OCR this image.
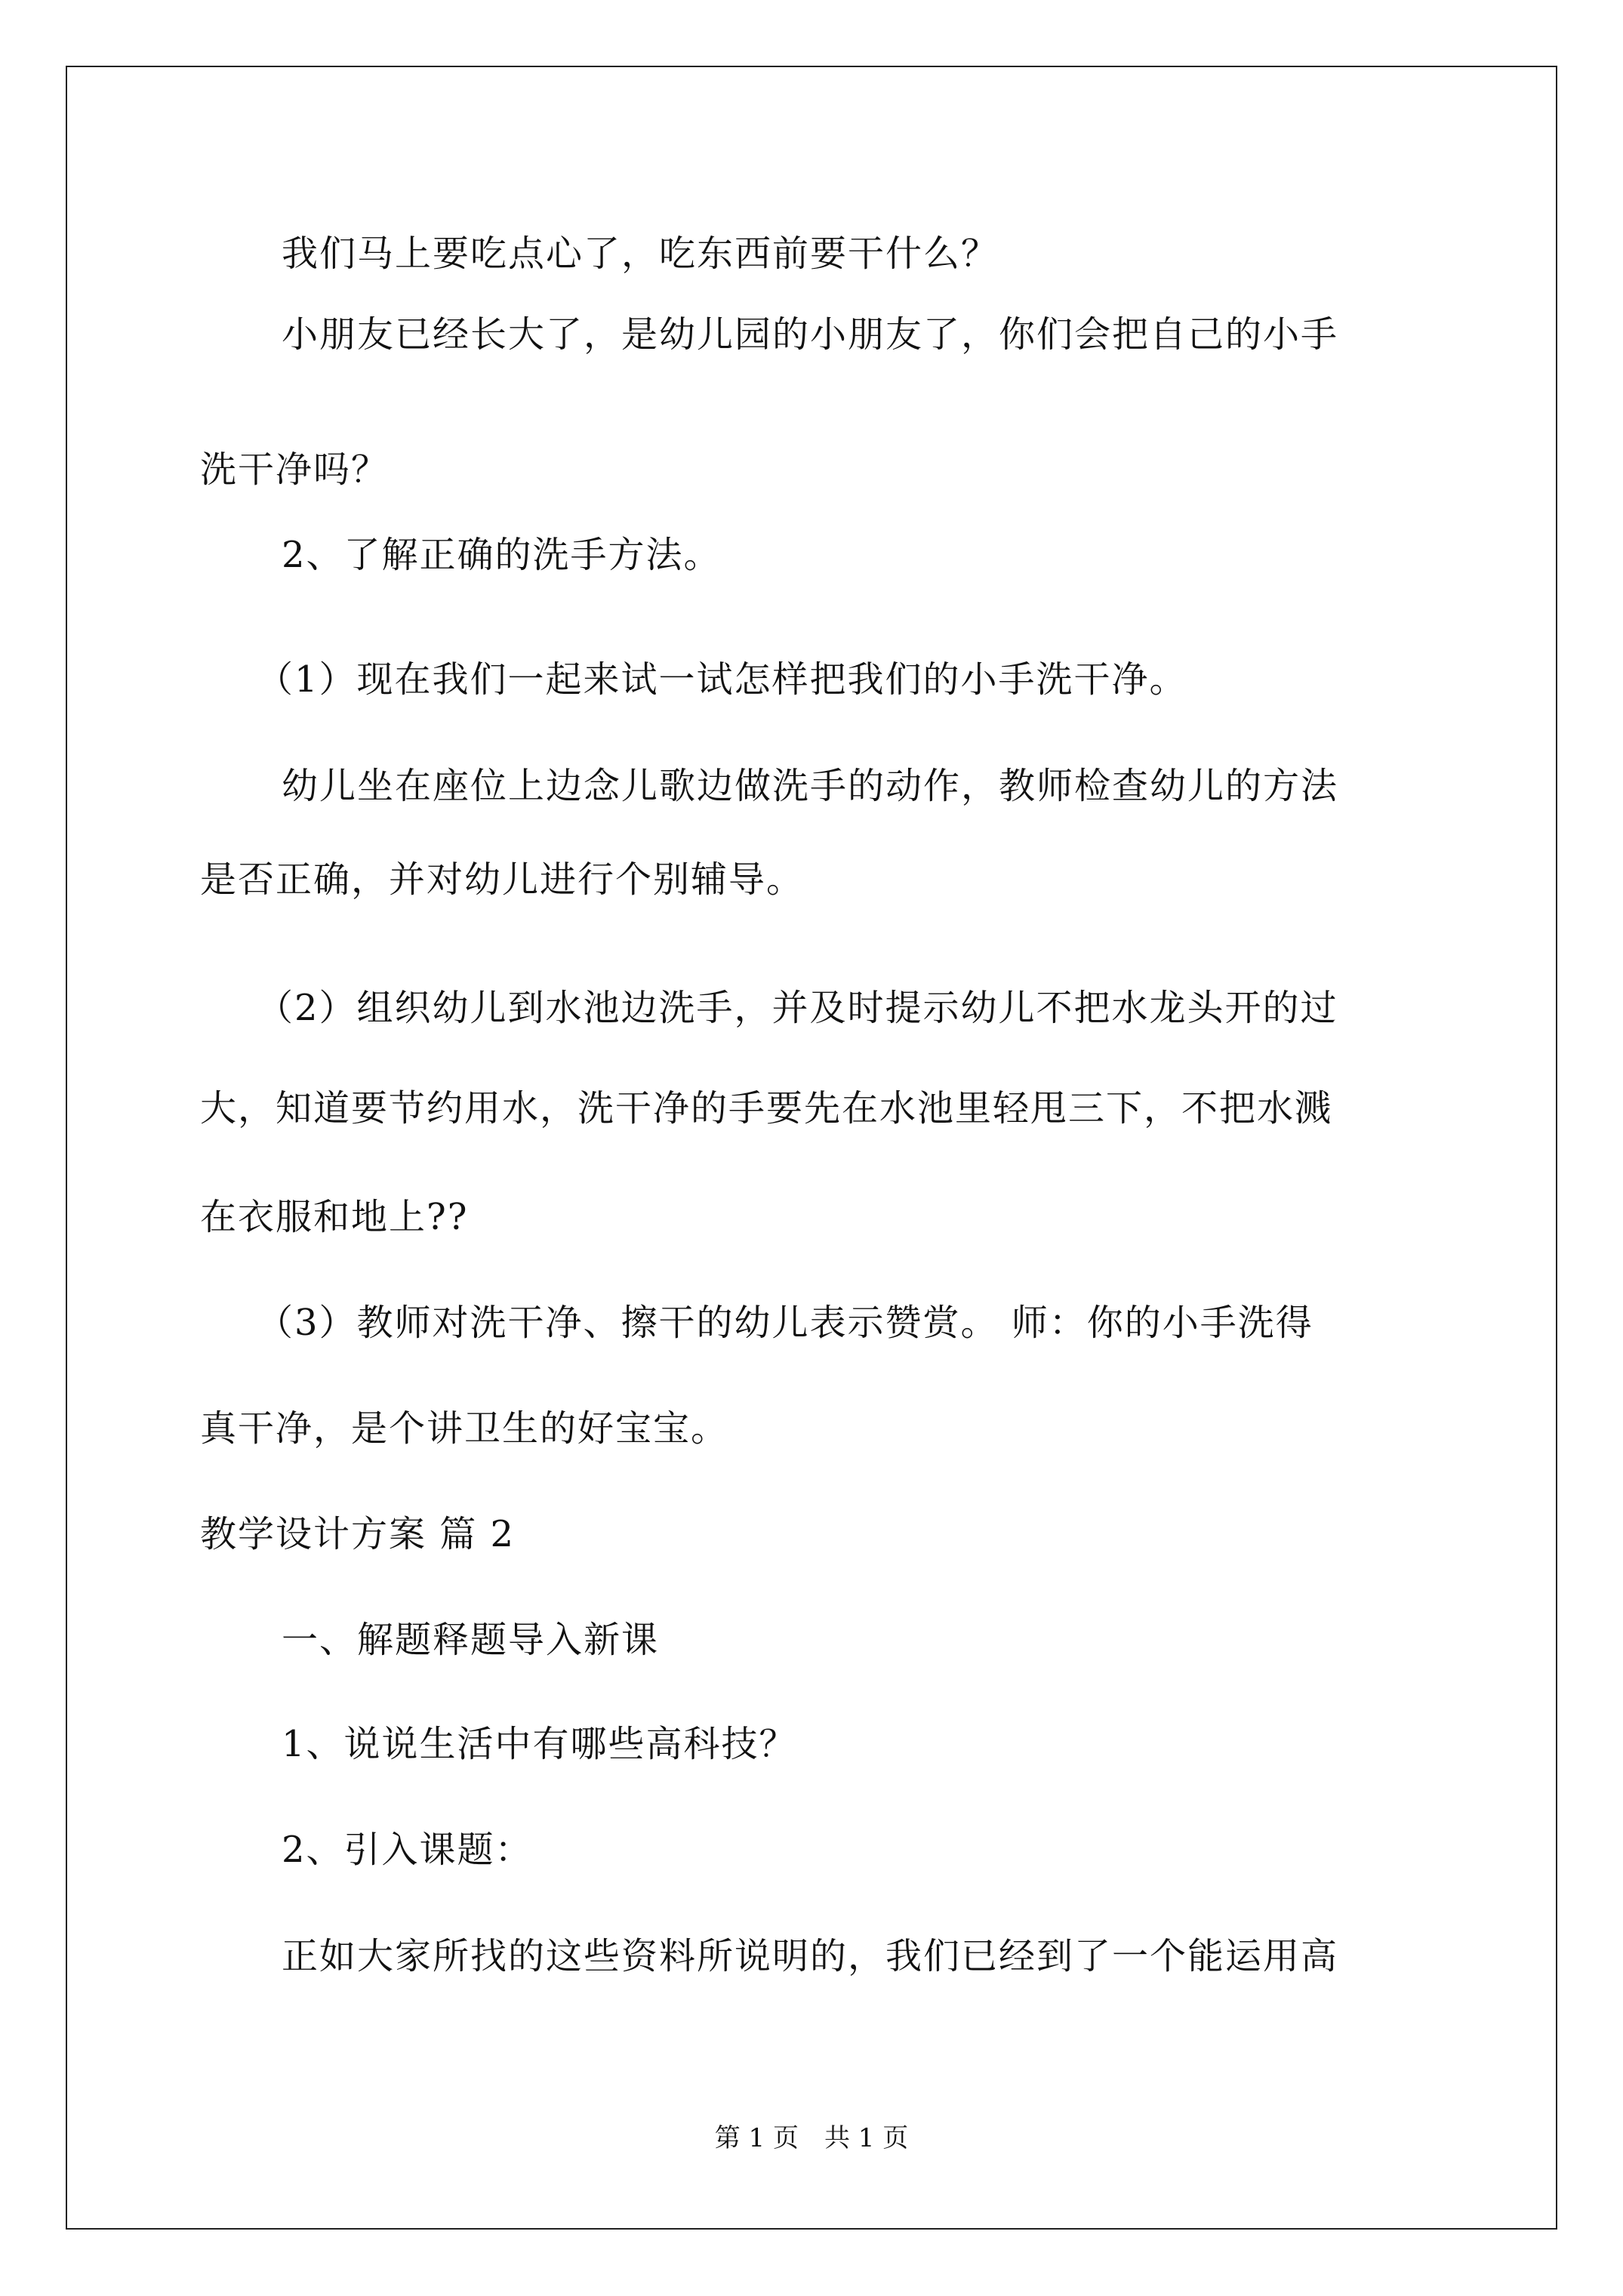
我们马上要吃点心了，吃东西前要干什么？
小朋友已经长大了，是幼儿园的小朋友了，你们会把自己的小手
洗干净吗？
2、了解正确的洗手方法。
（1）现在我们一起来试一试怎样把我们的小手洗干净。
幼儿坐在座位上边念儿歌边做洗手的动作，教师检查幼儿的方法
是否正确，并对幼儿进行个别辅导。
（2）组织幼儿到水池边洗手，并及时提示幼儿不把水龙头开的过
大，知道要节约用水，洗干净的手要先在水池里轻甩三下，不把水溅
在衣服和地上??
（3）教师对洗干净、擦干的幼儿表示赞赏。 师：你的小手洗得
真干净，是个讲卫生的好宝宝。
教学设计方案 篇 2
一、解题释题导入新课
1、说说生活中有哪些高科技？
2、引入课题：
正如大家所找的这些资料所说明的，我们已经到了一个能运用高
第 1 页　共 1 页
